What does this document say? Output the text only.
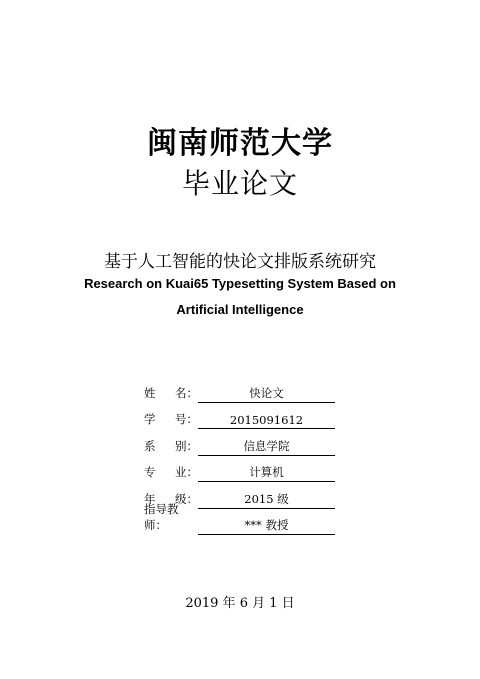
闽南师范大学
毕业论文
基于人工智能的快论文排版系统研究
Research on Kuai65 Typesetting System Based on
Artificial Intelligence
姓 名：	快论文
学 号：	2015091612
系 别：	信息学院
专 业：	计算机
年 级：	2015 级
指导教师：	*** 教授
2019 年 6 月 1 日
